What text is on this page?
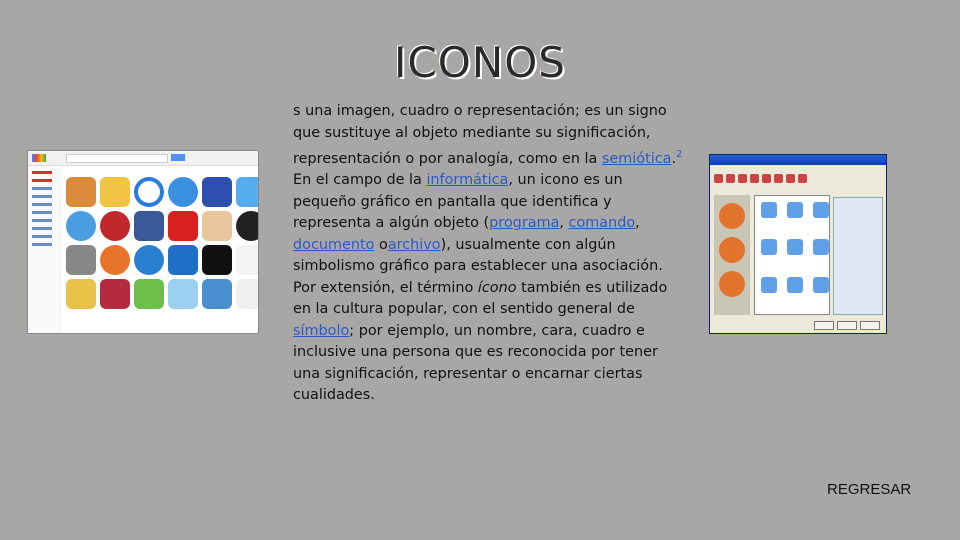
ICONOS

s una imagen, cuadro o representación; es un signo que sustituye al objeto mediante su significación, representación o por analogía, como en la semiótica.$^2$

En el campo de la informática, un icono es un pequeño gráfico en pantalla que identifica y representa a algún objeto (programa, comando, documento oarchivo), usualmente con algún simbolismo gráfico para establecer una asociación. Por extensión, el término ícono también es utilizado en la cultura popular, con el sentido general de símbolo; por ejemplo, un nombre, cara, cuadro e inclusive una persona que es reconocida por tener una significación, representar o encarnar ciertas cualidades.

REGRESAR
